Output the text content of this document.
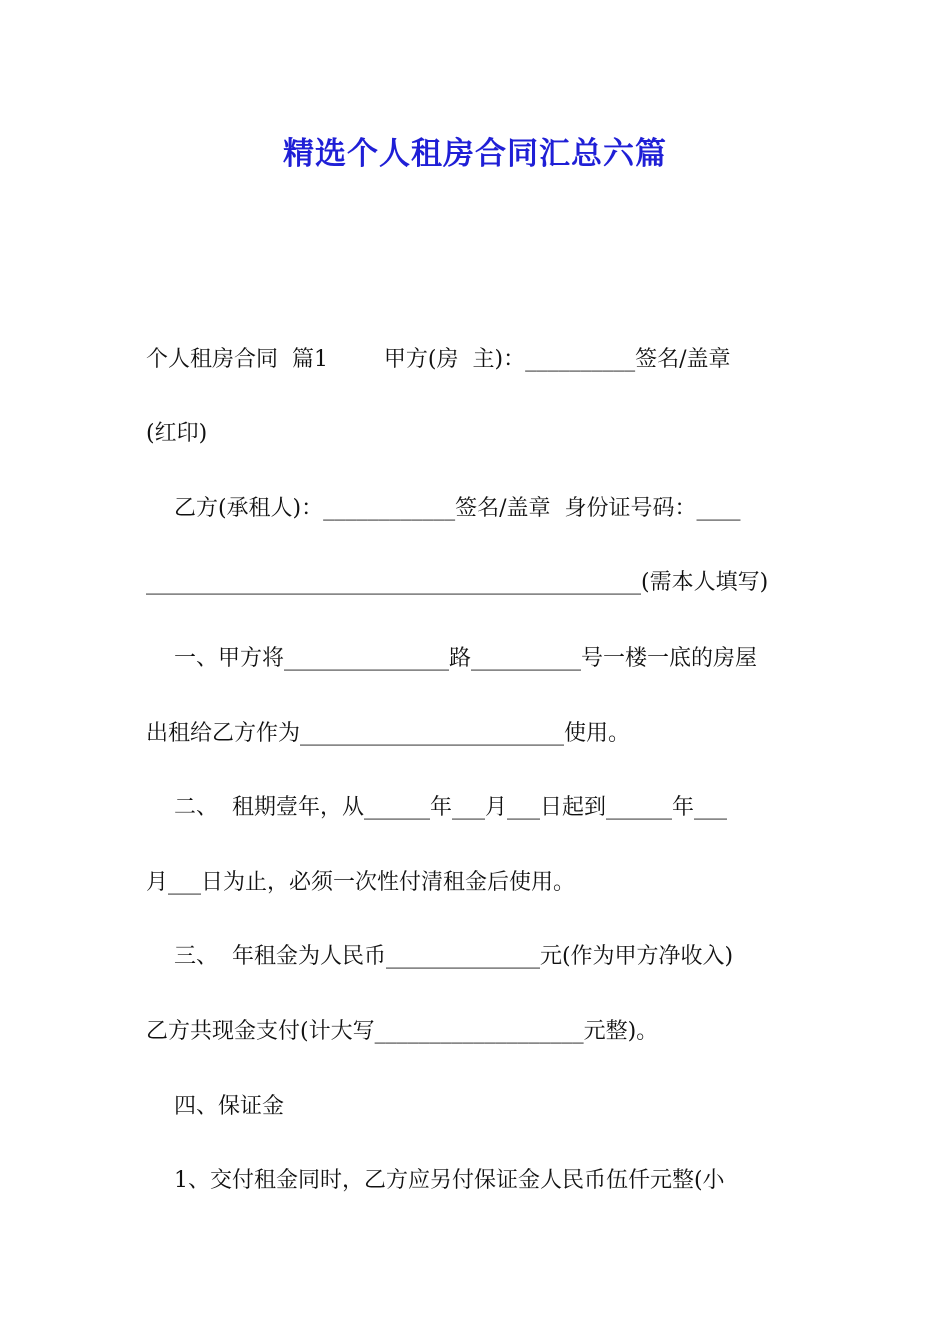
精选个人租房合同汇总六篇
个人租房合同  篇1        甲方(房  主)：__________签名/盖章
(红印)
乙方(承租人)：____________签名/盖章  身份证号码：____
_____________________________________________(需本人填写)
一、甲方将_______________路__________号一楼一底的房屋
出租给乙方作为________________________使用。
二、  租期壹年，从______年___月___日起到______年___
月___日为止，必须一次性付清租金后使用。
三、  年租金为人民币______________元(作为甲方净收入)
乙方共现金支付(计大写___________________元整)。
四、保证金
1、交付租金同时，乙方应另付保证金人民币伍仟元整(小
